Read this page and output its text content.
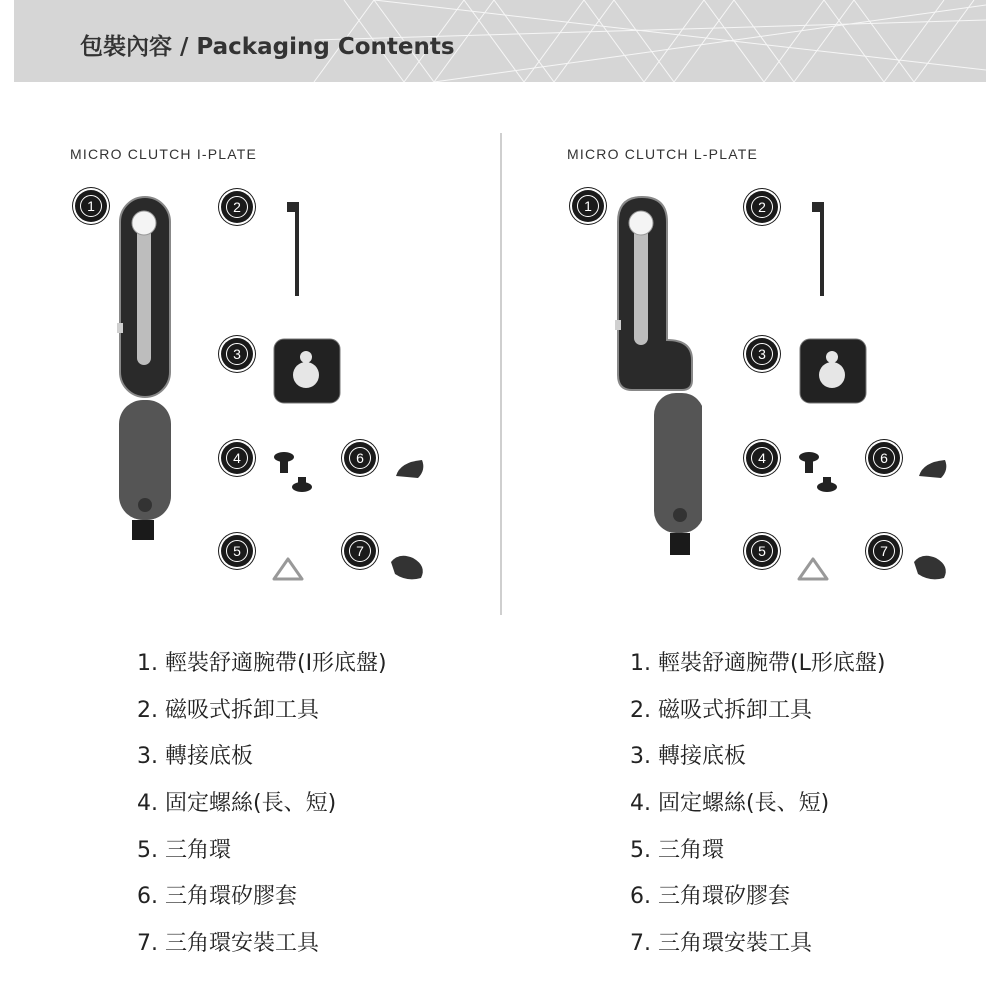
包裝內容 / Packaging Contents
MICRO CLUTCH I-PLATE	MICRO CLUTCH L-PLATE
1	2
3
4	6
5	7
1	2
3
4	6
5	7
1. 輕裝舒適腕帶(I形底盤)
2. 磁吸式拆卸工具
3. 轉接底板
4. 固定螺絲(長、短)
5. 三角環
6. 三角環矽膠套
7. 三角環安裝工具
1. 輕裝舒適腕帶(L形底盤)
2. 磁吸式拆卸工具
3. 轉接底板
4. 固定螺絲(長、短)
5. 三角環
6. 三角環矽膠套
7. 三角環安裝工具
